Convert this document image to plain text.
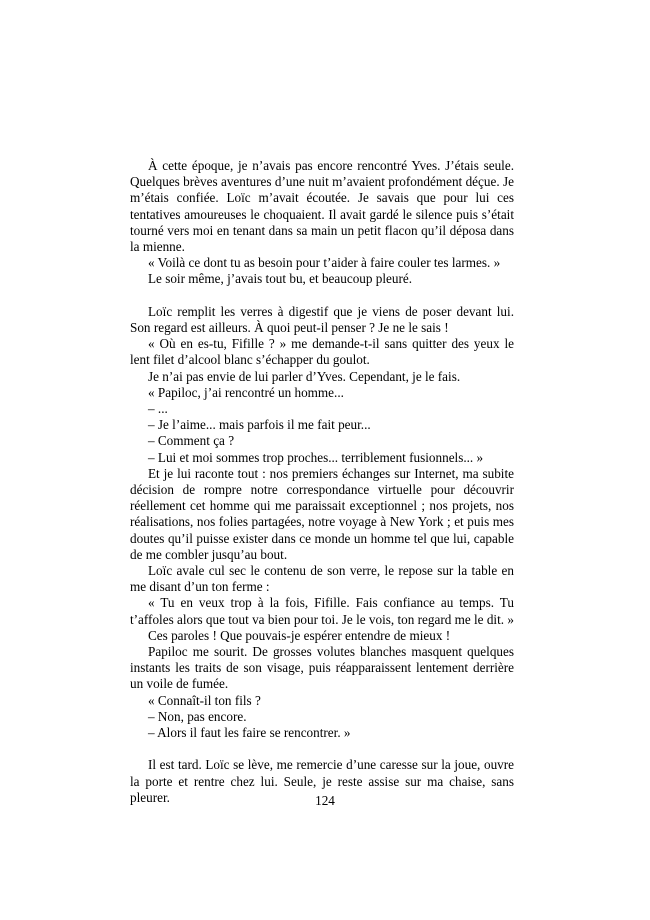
À cette époque, je n’avais pas encore rencontré Yves. J’étais seule. Quelques brèves aventures d’une nuit m’avaient profondément déçue. Je m’étais confiée. Loïc m’avait écoutée. Je savais que pour lui ces tentatives amoureuses le choquaient. Il avait gardé le silence puis s’était tourné vers moi en tenant dans sa main un petit flacon qu’il déposa dans la mienne.

« Voilà ce dont tu as besoin pour t’aider à faire couler tes larmes. »

Le soir même, j’avais tout bu, et beaucoup pleuré.

Loïc remplit les verres à digestif que je viens de poser devant lui. Son regard est ailleurs. À quoi peut-il penser ? Je ne le sais !

« Où en es-tu, Fifille ? » me demande-t-il sans quitter des yeux le lent filet d’alcool blanc s’échapper du goulot.

Je n’ai pas envie de lui parler d’Yves. Cependant, je le fais.

« Papiloc, j’ai rencontré un homme...

– ...

– Je l’aime... mais parfois il me fait peur...

– Comment ça ?

– Lui et moi sommes trop proches... terriblement fusionnels... »

Et je lui raconte tout : nos premiers échanges sur Internet, ma subite décision de rompre notre correspondance virtuelle pour découvrir réellement cet homme qui me paraissait exceptionnel ; nos projets, nos réalisations, nos folies partagées, notre voyage à New York ; et puis mes doutes qu’il puisse exister dans ce monde un homme tel que lui, capable de me combler jusqu’au bout.

Loïc avale cul sec le contenu de son verre, le repose sur la table en me disant d’un ton ferme :

« Tu en veux trop à la fois, Fifille. Fais confiance au temps. Tu t’affoles alors que tout va bien pour toi. Je le vois, ton regard me le dit. »

Ces paroles ! Que pouvais-je espérer entendre de mieux !

Papiloc me sourit. De grosses volutes blanches masquent quelques instants les traits de son visage, puis réapparaissent lentement derrière un voile de fumée.

« Connaît-il ton fils ?

– Non, pas encore.

– Alors il faut les faire se rencontrer. »

Il est tard. Loïc se lève, me remercie d’une caresse sur la joue, ouvre la porte et rentre chez lui. Seule, je reste assise sur ma chaise, sans pleurer.	124
